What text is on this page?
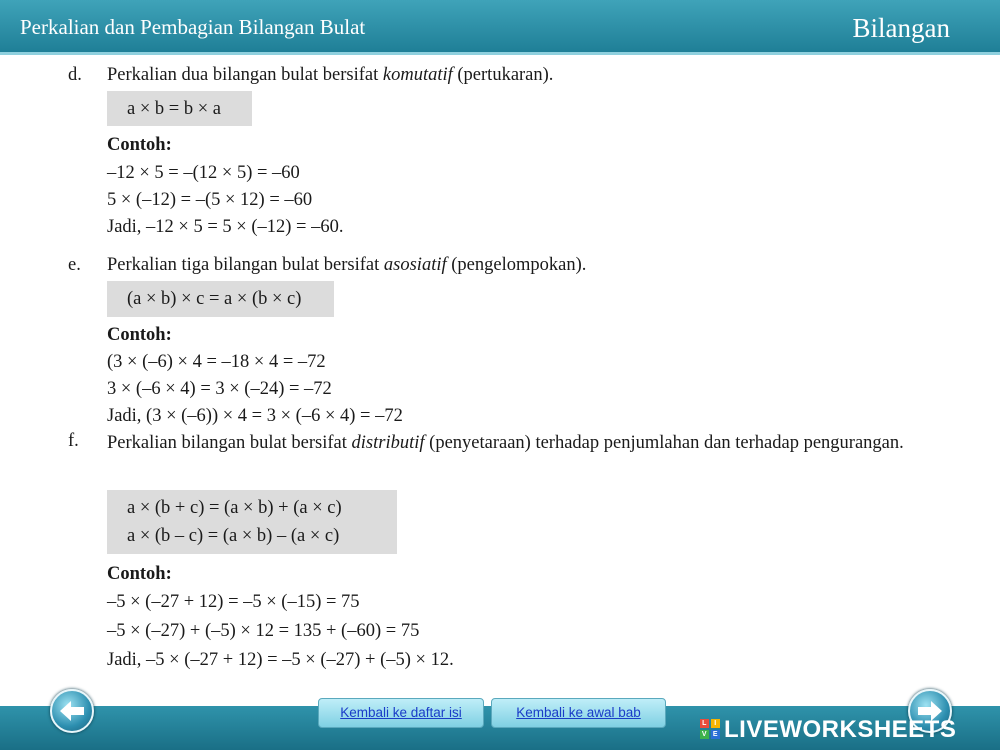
Perkalian dan Pembagian Bilangan Bulat	Bilangan
d. Perkalian dua bilangan bulat bersifat komutatif (pertukaran).
a × b = b × a
Contoh:
–12 × 5 = –(12 × 5) = –60
5 × (–12) = –(5 × 12) = –60
Jadi, –12 × 5 = 5 × (–12) = –60.
e. Perkalian tiga bilangan bulat bersifat asosiatif (pengelompokan).
(a × b) × c = a × (b × c)
Contoh:
(3 × (–6) × 4 = –18 × 4 = –72
3 × (–6 × 4) = 3 × (–24) = –72
Jadi, (3 × (–6)) × 4 = 3 × (–6 × 4) = –72
f. Perkalian bilangan bulat bersifat distributif (penyetaraan) terhadap penjumlahan dan terhadap pengurangan.
a × (b + c) = (a × b) + (a × c)
a × (b – c) = (a × b) – (a × c)
Contoh:
–5 × (–27 + 12) = –5 × (–15) = 75
–5 × (–27) + (–5) × 12 = 135 + (–60) = 75
Jadi, –5 × (–27 + 12) = –5 × (–27) + (–5) × 12.
Kembali ke daftar isi	Kembali ke awal bab
L	I
V E LIVEWORKSHEETS
